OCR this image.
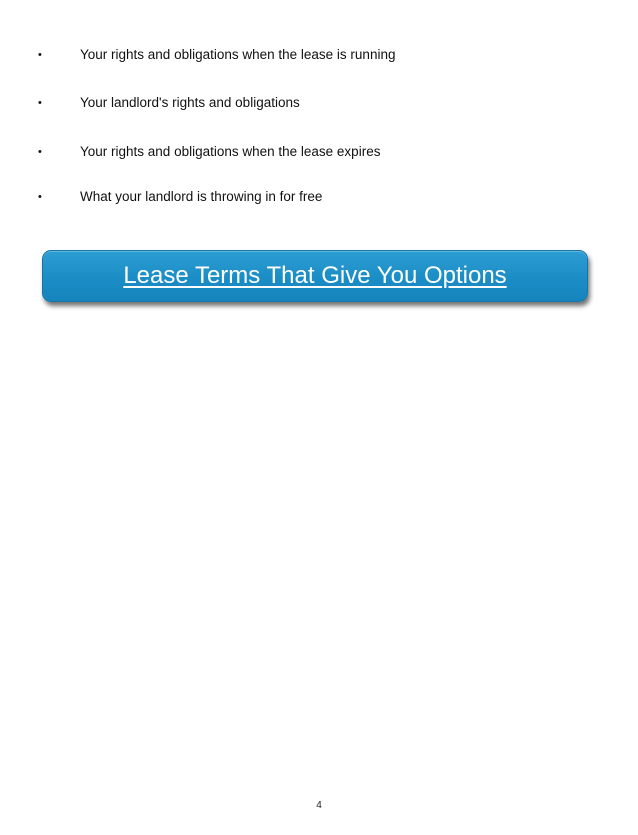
•	Your rights and obligations when the lease is running
•	Your landlord's rights and obligations
•	Your rights and obligations when the lease expires
•	What your landlord is throwing in for free
Lease Terms That Give You Options
4
